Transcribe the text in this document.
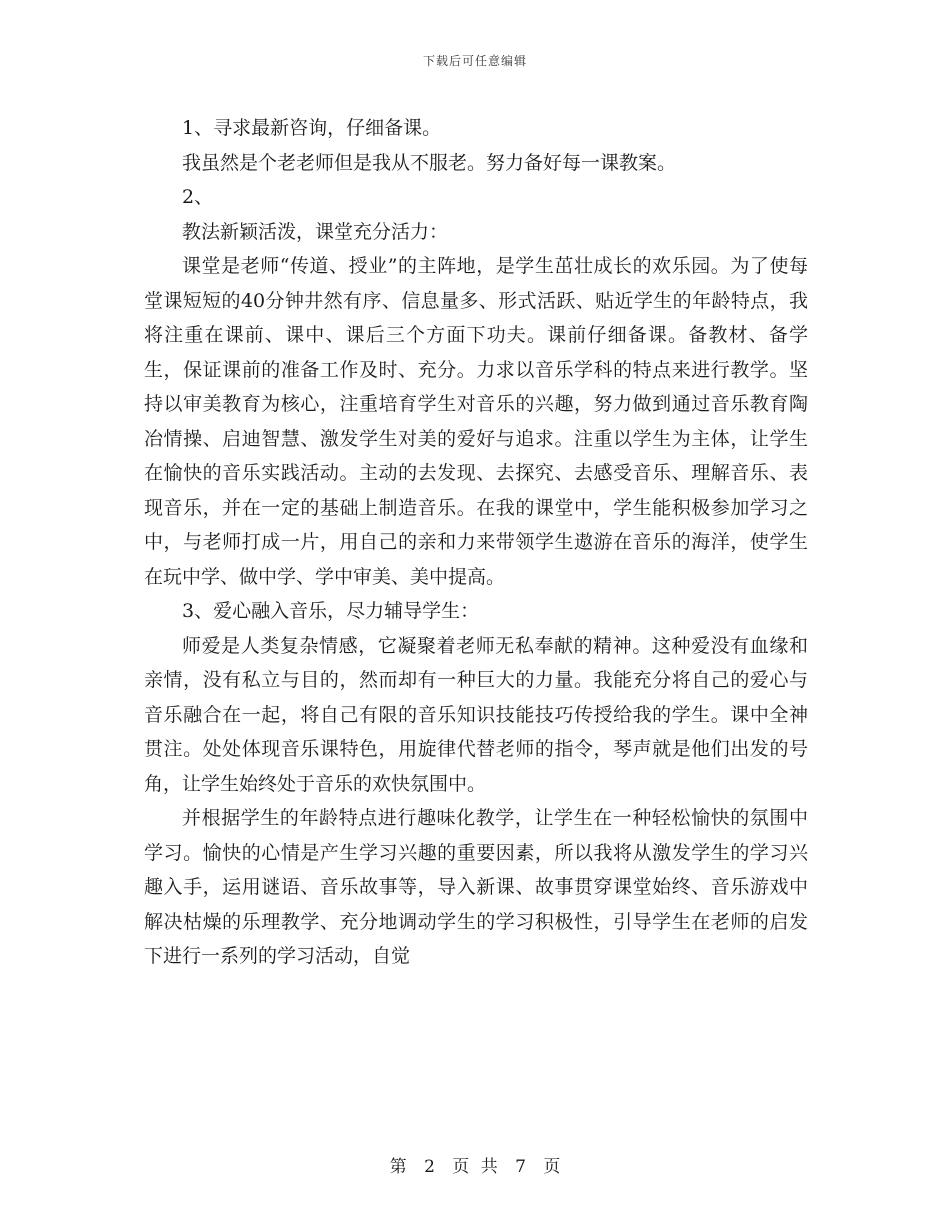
下载后可任意编辑

1、寻求最新咨询，仔细备课。

我虽然是个老老师但是我从不服老。努力备好每一课教案。

2、

教法新颖活泼，课堂充分活力：

课堂是老师“传道、授业”的主阵地，是学生茁壮成长的欢乐园。为了使每堂课短短的40分钟井然有序、信息量多、形式活跃、贴近学生的年龄特点，我将注重在课前、课中、课后三个方面下功夫。课前仔细备课。备教材、备学生，保证课前的准备工作及时、充分。力求以音乐学科的特点来进行教学。坚持以审美教育为核心，注重培育学生对音乐的兴趣，努力做到通过音乐教育陶冶情操、启迪智慧、激发学生对美的爱好与追求。注重以学生为主体，让学生在愉快的音乐实践活动。主动的去发现、去探究、去感受音乐、理解音乐、表现音乐，并在一定的基础上制造音乐。在我的课堂中，学生能积极参加学习之中，与老师打成一片，用自己的亲和力来带领学生遨游在音乐的海洋，使学生在玩中学、做中学、学中审美、美中提高。

3、爱心融入音乐，尽力辅导学生：

师爱是人类复杂情感，它凝聚着老师无私奉献的精神。这种爱没有血缘和亲情，没有私立与目的，然而却有一种巨大的力量。我能充分将自己的爱心与音乐融合在一起，将自己有限的音乐知识技能技巧传授给我的学生。课中全神贯注。处处体现音乐课特色，用旋律代替老师的指令，琴声就是他们出发的号角，让学生始终处于音乐的欢快氛围中。

并根据学生的年龄特点进行趣味化教学，让学生在一种轻松愉快的氛围中学习。愉快的心情是产生学习兴趣的重要因素，所以我将从激发学生的学习兴趣入手，运用谜语、音乐故事等，导入新课、故事贯穿课堂始终、音乐游戏中解决枯燥的乐理教学、充分地调动学生的学习积极性，引导学生在老师的启发下进行一系列的学习活动，自觉

第 2 页 共 7 页
